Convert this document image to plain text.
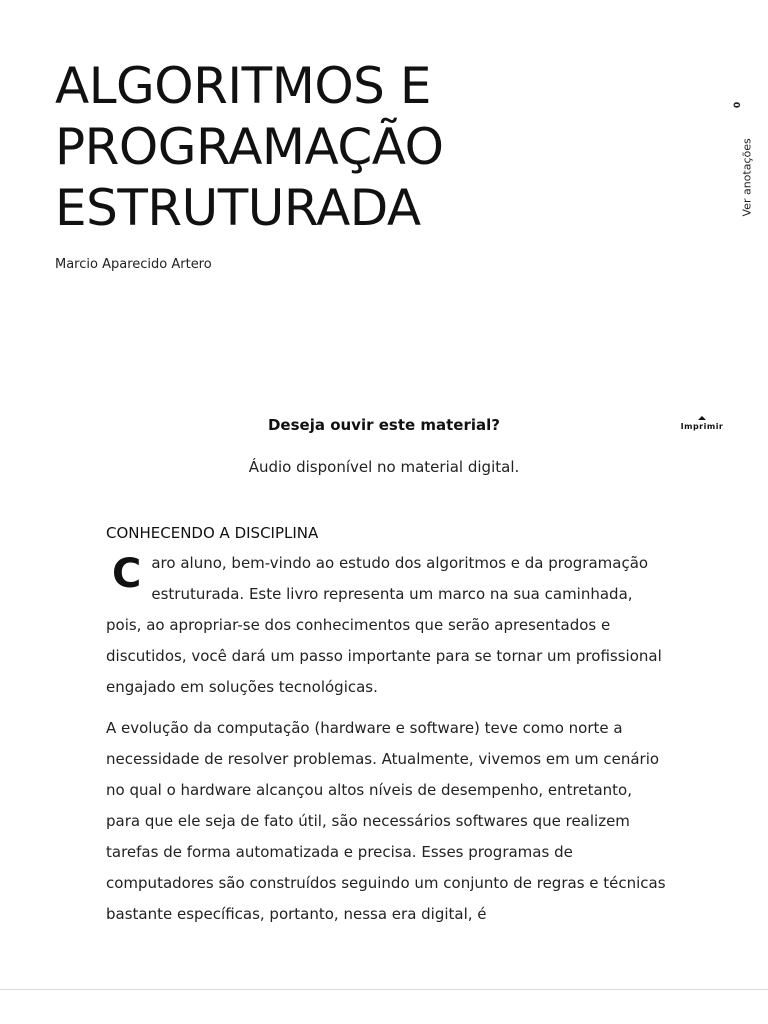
ALGORITMOS E
PROGRAMAÇÃO
ESTRUTURADA
Marcio Aparecido Artero
0
Ver anotações
Deseja ouvir este material?
Áudio disponível no material digital.
Imprimir
CONHECENDO A DISCIPLINA

Caro aluno, bem-vindo ao estudo dos algoritmos e da programação estruturada. Este livro representa um marco na sua caminhada, pois, ao apropriar-se dos conhecimentos que serão apresentados e discutidos, você dará um passo importante para se tornar um profissional engajado em soluções tecnológicas.

A evolução da computação (hardware e software) teve como norte a necessidade de resolver problemas. Atualmente, vivemos em um cenário no qual o hardware alcançou altos níveis de desempenho, entretanto, para que ele seja de fato útil, são necessários softwares que realizem tarefas de forma automatizada e precisa. Esses programas de computadores são construídos seguindo um conjunto de regras e técnicas bastante específicas, portanto, nessa era digital, é
